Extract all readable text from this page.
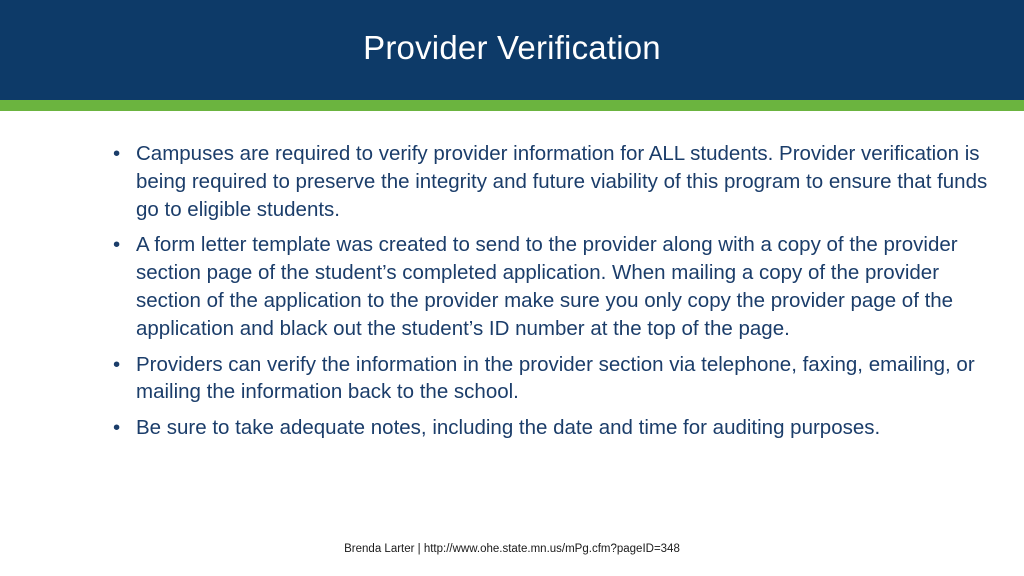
Provider Verification
• Campuses are required to verify provider information for ALL students. Provider verification is being required to preserve the integrity and future viability of this program to ensure that funds go to eligible students.
• A form letter template was created to send to the provider along with a copy of the provider section page of the student’s completed application. When mailing a copy of the provider section of the application to the provider make sure you only copy the provider page of the application and black out the student’s ID number at the top of the page.
• Providers can verify the information in the provider section via telephone, faxing, emailing, or mailing the information back to the school.
• Be sure to take adequate notes, including the date and time for auditing purposes.
Brenda Larter | http://www.ohe.state.mn.us/mPg.cfm?pageID=348
